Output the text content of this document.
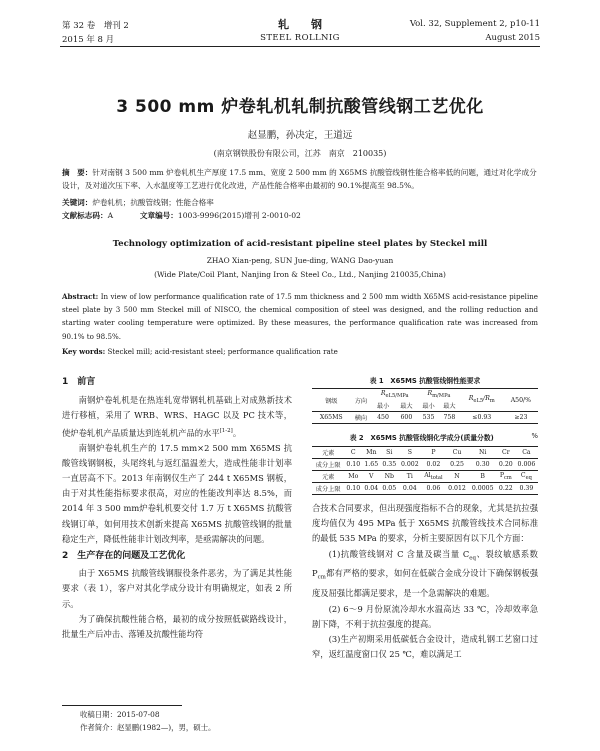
第 32 卷　增刊 2
2015 年 8 月
轧　　钢
STEEL ROLLNIG
Vol. 32, Supplement 2, p10-11
August 2015
3 500 mm 炉卷轧机轧制抗酸管线钢工艺优化
赵显鹏，孙决定，王道远
(南京钢铁股份有限公司，江苏　南京　210035)
摘　要：针对南钢 3 500 mm 炉卷轧机生产厚度 17.5 mm、宽度 2 500 mm 的 X65MS 抗酸管线钢性能合格率低的问题，通过对化学成分设计，及对道次压下率、入水温度等工艺进行优化改进，产品性能合格率由最初的 90.1%提高至 98.5%。
关键词：炉卷轧机；抗酸管线钢；性能合格率
文献标志码：A	文章编号：1003-9996(2015)增刊 2-0010-02
Technology optimization of acid-resistant pipeline steel plates by Steckel mill
ZHAO Xian-peng, SUN Jue-ding, WANG Dao-yuan
(Wide Plate/Coil Plant, Nanjing Iron & Steel Co., Ltd., Nanjing 210035,China)
Abstract: In view of low performance qualification rate of 17.5 mm thickness and 2 500 mm width X65MS acid-resistance pipeline steel plate by 3 500 mm Steckel mill of NISCO, the chemical composition of steel was designed, and the rolling reduction and starting water cooling temperature were optimized. By these measures, the performance qualification rate was increased from 90.1% to 98.5%.
Key words: Steckel mill; acid-resistant steel; performance qualification rate
1　前言

南钢炉卷轧机是在热连轧宽带钢轧机基础上对成熟新技术进行移植，采用了 WRB、WRS、HAGC 以及 PC 技术等，使炉卷轧机产品质量达到连轧机产品的水平[1-2]。

南钢炉卷轧机生产的 17.5 mm×2 500 mm X65MS 抗酸管线钢钢板，头尾终轧与返红温温差大，造成性能非计划率一直居高不下。2013 年南钢仅生产了 244 t X65MS 钢板，由于对其性能指标要求很高，对应的性能改判率达 8.5%，而 2014 年 3 500 mm炉卷轧机要交付 1.7 万 t X65MS 抗酸管线钢订单，如何用技术创新来提高 X65MS 抗酸管线钢的批量稳定生产，降低性能非计划改判率，是亟需解决的问题。

2　生产存在的问题及工艺优化

由于 X65MS 抗酸管线钢服役条件恶劣，为了满足其性能要求（表 1），客户对其化学成分设计有明确规定，如表 2 所示。

为了确保抗酸性能合格，最初的成分按照低碳路线设计，批量生产后冲击、落锤及抗酸性能均符

表 1　X65MS 抗酸管线钢性能要求
钢级	方向	$R_{eL5/MPa}$		$R_{m/MPa}$		$R_{eL5}/R_m$	A50/%
		最小	最大	最小	最大		
X65MS	横向	450	600	535	758	≤0.93	≥23
表 2　X65MS 抗酸管线钢化学成分(质量分数)	%
元素	C	Mn	Si	S	P	Cu	Ni	Cr	Ca
成分上限	0.10	1.65	0.35	0.002	0.02	0.25	0.30	0.20	0.006
元素	Mo	V	Nb	Ti	$Al_{total}$	N	B	$P_{cm}$	$C_{eq}$
成分上限	0.10	0.04	0.05	0.04	0.06	0.012	0.0005	0.22	0.39

合技术合同要求，但出现强度指标不合的现象，尤其是抗拉强度均值仅为 495 MPa 低于 X65MS 抗酸管线技术合同标准的最低 535 MPa 的要求，分析主要原因有以下几个方面：

(1)抗酸管线钢对 C 含量及碳当量 $C_{eq}$、裂纹敏感系数 $P_{cm}$都有严格的要求，如何在低碳合金成分设计下确保钢板强度及屈强比都满足要求，是一个急需解决的难题。

(2) 6～9 月份原流冷却水水温高达 33 ℃，冷却效率急剧下降，不利于抗拉强度的提高。

(3)生产初期采用低碳低合金设计，造成轧钢工艺窗口过窄，返红温度窗口仅 25 ℃，难以满足工

收稿日期：2015-07-08
作者简介：赵显鹏(1982—)，男，硕士。
